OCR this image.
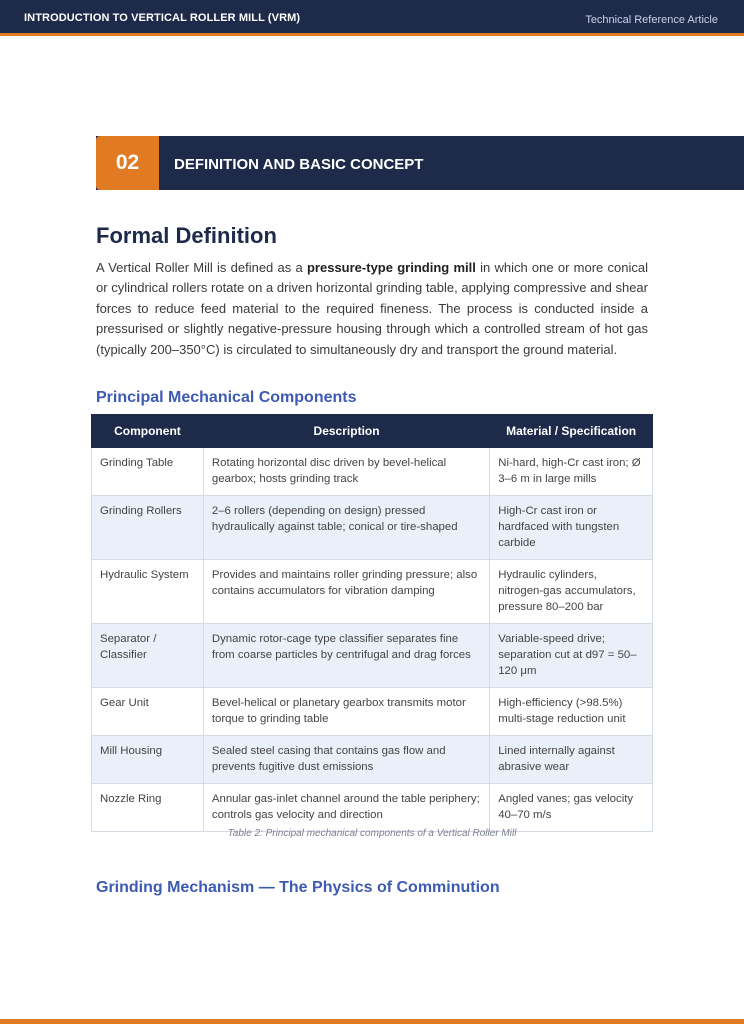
INTRODUCTION TO VERTICAL ROLLER MILL (VRM)	Technical Reference Article
02	DEFINITION AND BASIC CONCEPT
Formal Definition

A Vertical Roller Mill is defined as a pressure-type grinding mill in which one or more conical or cylindrical rollers rotate on a driven horizontal grinding table, applying compressive and shear forces to reduce feed material to the required fineness. The process is conducted inside a pressurised or slightly negative-pressure housing through which a controlled stream of hot gas (typically 200–350°C) is circulated to simultaneously dry and transport the ground material.

Principal Mechanical Components
Component	Description	Material / Specification
Grinding Table	Rotating horizontal disc driven by bevel-helical gearbox; hosts grinding track	Ni-hard, high-Cr cast iron; Ø 3–6 m in large mills
Grinding Rollers	2–6 rollers (depending on design) pressed hydraulically against table; conical or tire-shaped	High-Cr cast iron or hardfaced with tungsten carbide
Hydraulic System	Provides and maintains roller grinding pressure; also contains accumulators for vibration damping	Hydraulic cylinders, nitrogen-gas accumulators, pressure 80–200 bar
Separator / Classifier	Dynamic rotor-cage type classifier separates fine from coarse particles by centrifugal and drag forces	Variable-speed drive; separation cut at d97 = 50–120 μm
Gear Unit	Bevel-helical or planetary gearbox transmits motor torque to grinding table	High-efficiency (>98.5%) multi-stage reduction unit
Mill Housing	Sealed steel casing that contains gas flow and prevents fugitive dust emissions	Lined internally against abrasive wear
Nozzle Ring	Annular gas-inlet channel around the table periphery; controls gas velocity and direction	Angled vanes; gas velocity 40–70 m/s
Table 2: Principal mechanical components of a Vertical Roller Mill
Grinding Mechanism — The Physics of Comminution
